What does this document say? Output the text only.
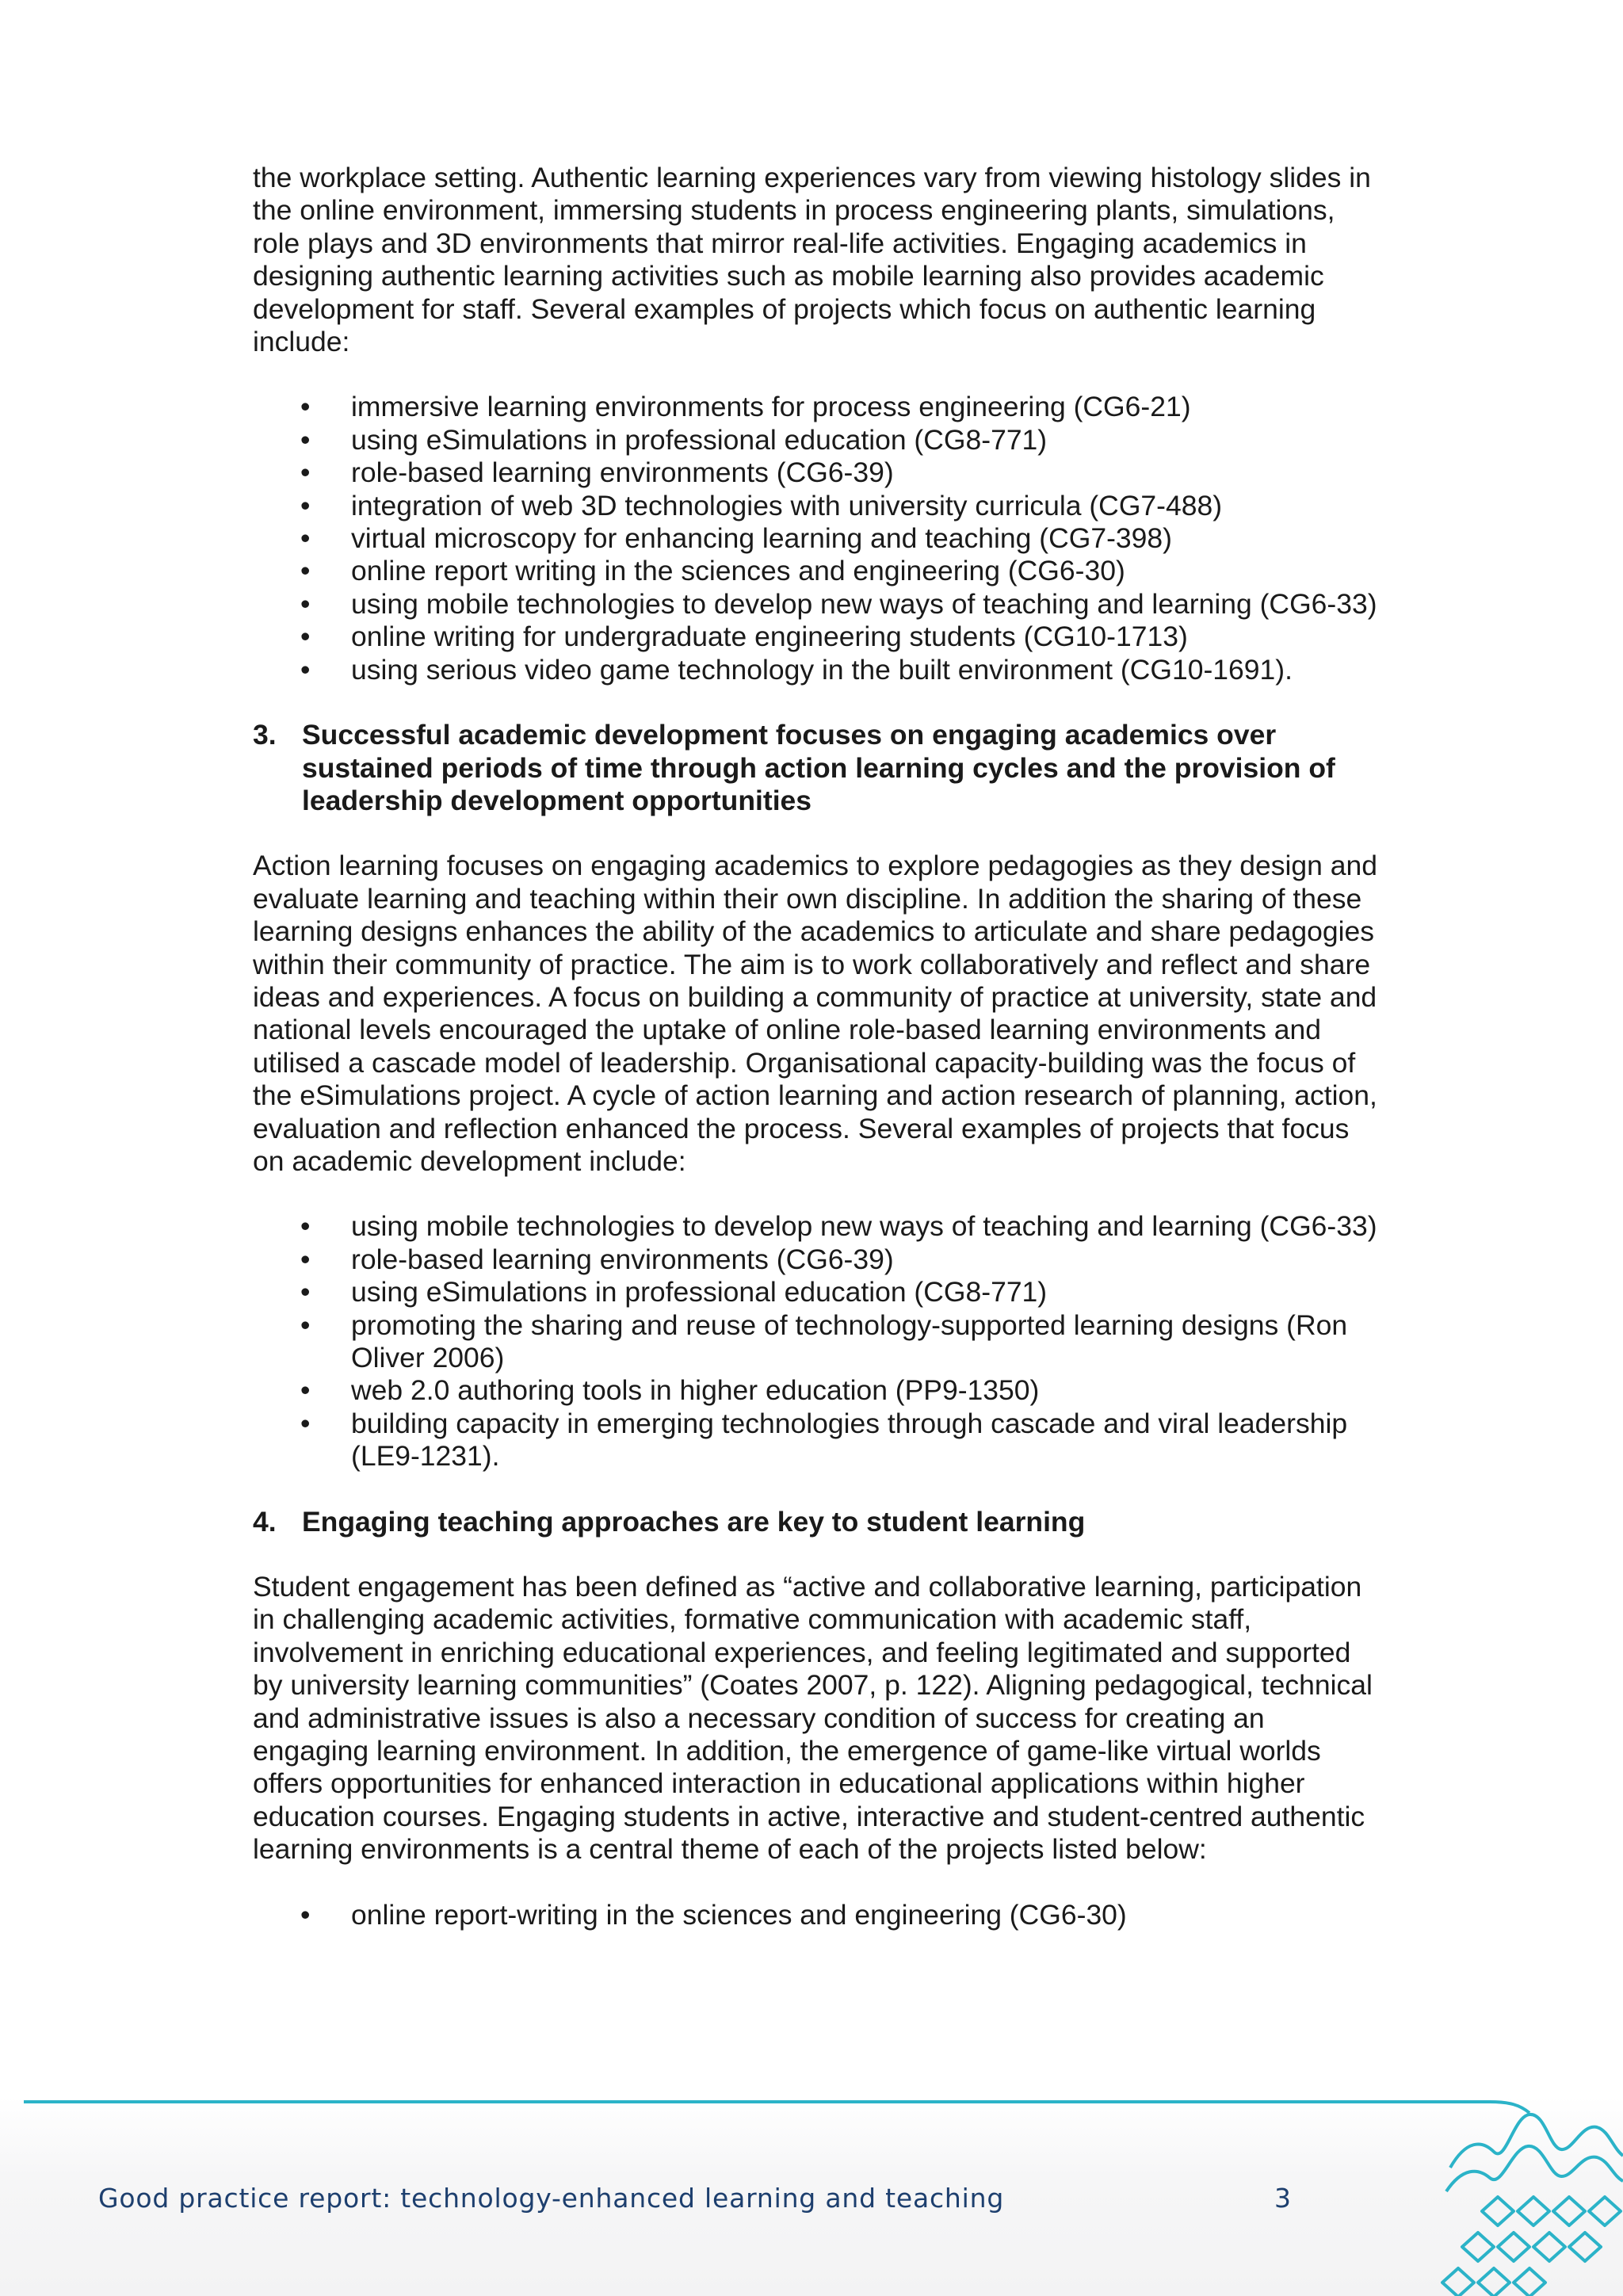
the workplace setting. Authentic learning experiences vary from viewing histology slides in the online environment, immersing students in process engineering plants, simulations, role plays and 3D environments that mirror real-life activities. Engaging academics in designing authentic learning activities such as mobile learning also provides academic development for staff. Several examples of projects which focus on authentic learning include:

• immersive learning environments for process engineering (CG6-21)
• using eSimulations in professional education (CG8-771)
• role-based learning environments (CG6-39)
• integration of web 3D technologies with university curricula (CG7-488)
• virtual microscopy for enhancing learning and teaching (CG7-398)
• online report writing in the sciences and engineering (CG6-30)
• using mobile technologies to develop new ways of teaching and learning (CG6-33)
• online writing for undergraduate engineering students (CG10-1713)
• using serious video game technology in the built environment (CG10-1691).
3. Successful academic development focuses on engaging academics over sustained periods of time through action learning cycles and the provision of leadership development opportunities

Action learning focuses on engaging academics to explore pedagogies as they design and evaluate learning and teaching within their own discipline. In addition the sharing of these learning designs enhances the ability of the academics to articulate and share pedagogies within their community of practice. The aim is to work collaboratively and reflect and share ideas and experiences. A focus on building a community of practice at university, state and national levels encouraged the uptake of online role-based learning environments and utilised a cascade model of leadership. Organisational capacity-building was the focus of the eSimulations project. A cycle of action learning and action research of planning, action, evaluation and reflection enhanced the process. Several examples of projects that focus on academic development include:

• using mobile technologies to develop new ways of teaching and learning (CG6-33)
• role-based learning environments (CG6-39)
• using eSimulations in professional education (CG8-771)
• promoting the sharing and reuse of technology-supported learning designs (Ron Oliver 2006)
• web 2.0 authoring tools in higher education (PP9-1350)
• building capacity in emerging technologies through cascade and viral leadership (LE9-1231).
4. Engaging teaching approaches are key to student learning

Student engagement has been defined as “active and collaborative learning, participation in challenging academic activities, formative communication with academic staff, involvement in enriching educational experiences, and feeling legitimated and supported by university learning communities” (Coates 2007, p. 122). Aligning pedagogical, technical and administrative issues is also a necessary condition of success for creating an engaging learning environment. In addition, the emergence of game-like virtual worlds offers opportunities for enhanced interaction in educational applications within higher education courses. Engaging students in active, interactive and student-centred authentic learning environments is a central theme of each of the projects listed below:

• online report-writing in the sciences and engineering (CG6-30)
Good practice report: technology-enhanced learning and teaching	3
